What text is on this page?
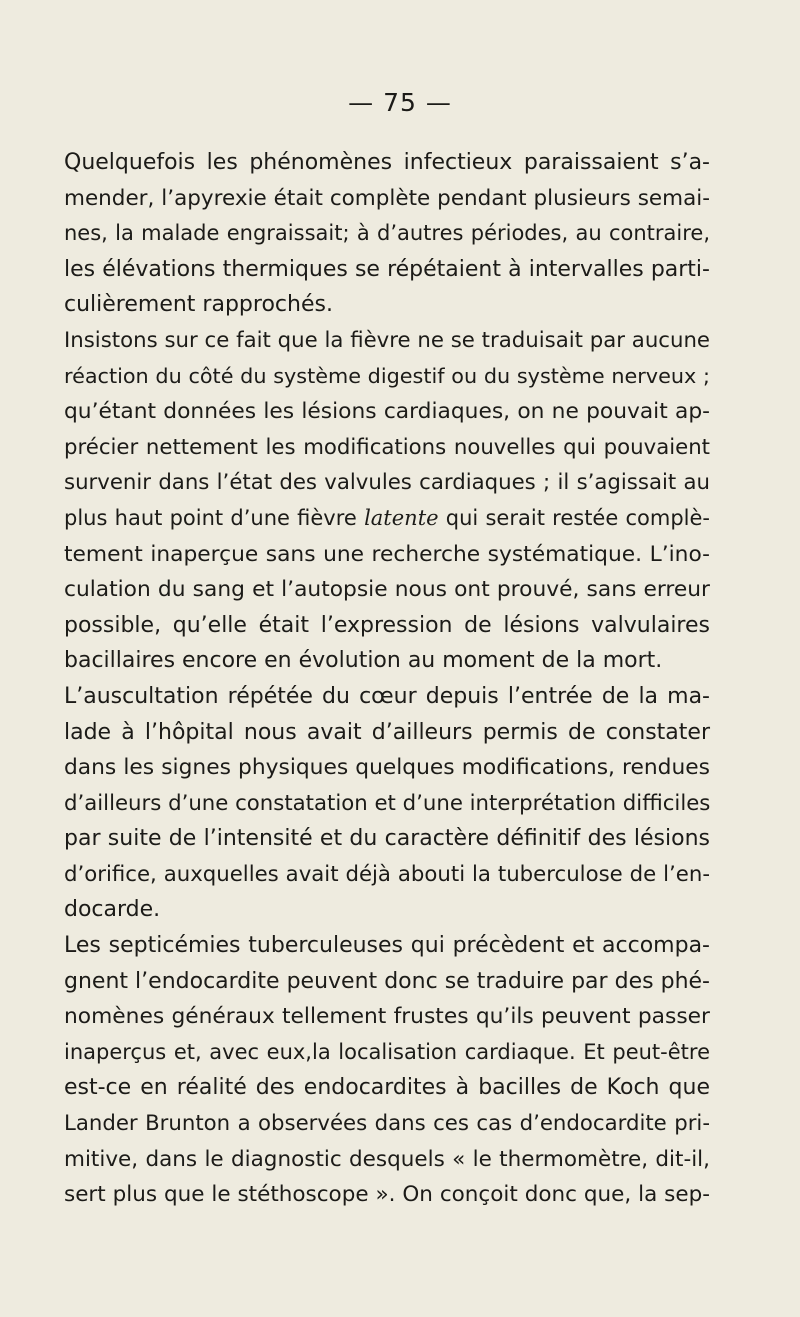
— 75 —
Quelquefois les phénomènes infectieux paraissaient s’a-
mender, l’apyrexie était complète pendant plusieurs semai-
nes, la malade engraissait; à d’autres périodes, au contraire,
les élévations thermiques se répétaient à intervalles parti-
culièrement rapprochés.
Insistons sur ce fait que la fièvre ne se traduisait par aucune
réaction du côté du système digestif ou du système nerveux ;
qu’étant données les lésions cardiaques, on ne pouvait ap-
précier nettement les modifications nouvelles qui pouvaient
survenir dans l’état des valvules cardiaques ; il s’agissait au
plus haut point d’une fièvre latente qui serait restée complè-
tement inaperçue sans une recherche systématique. L’ino-
culation du sang et l’autopsie nous ont prouvé, sans erreur
possible, qu’elle était l’expression de lésions valvulaires
bacillaires encore en évolution au moment de la mort.
L’auscultation répétée du cœur depuis l’entrée de la ma-
lade à l’hôpital nous avait d’ailleurs permis de constater
dans les signes physiques quelques modifications, rendues
d’ailleurs d’une constatation et d’une interprétation difficiles
par suite de l’intensité et du caractère définitif des lésions
d’orifice, auxquelles avait déjà abouti la tuberculose de l’en-
docarde.
Les septicémies tuberculeuses qui précèdent et accompa-
gnent l’endocardite peuvent donc se traduire par des phé-
nomènes généraux tellement frustes qu’ils peuvent passer
inaperçus et, avec eux,la localisation cardiaque. Et peut-être
est-ce en réalité des endocardites à bacilles de Koch que
Lander Brunton a observées dans ces cas d’endocardite pri-
mitive, dans le diagnostic desquels « le thermomètre, dit-il,
sert plus que le stéthoscope ». On conçoit donc que, la sep-
